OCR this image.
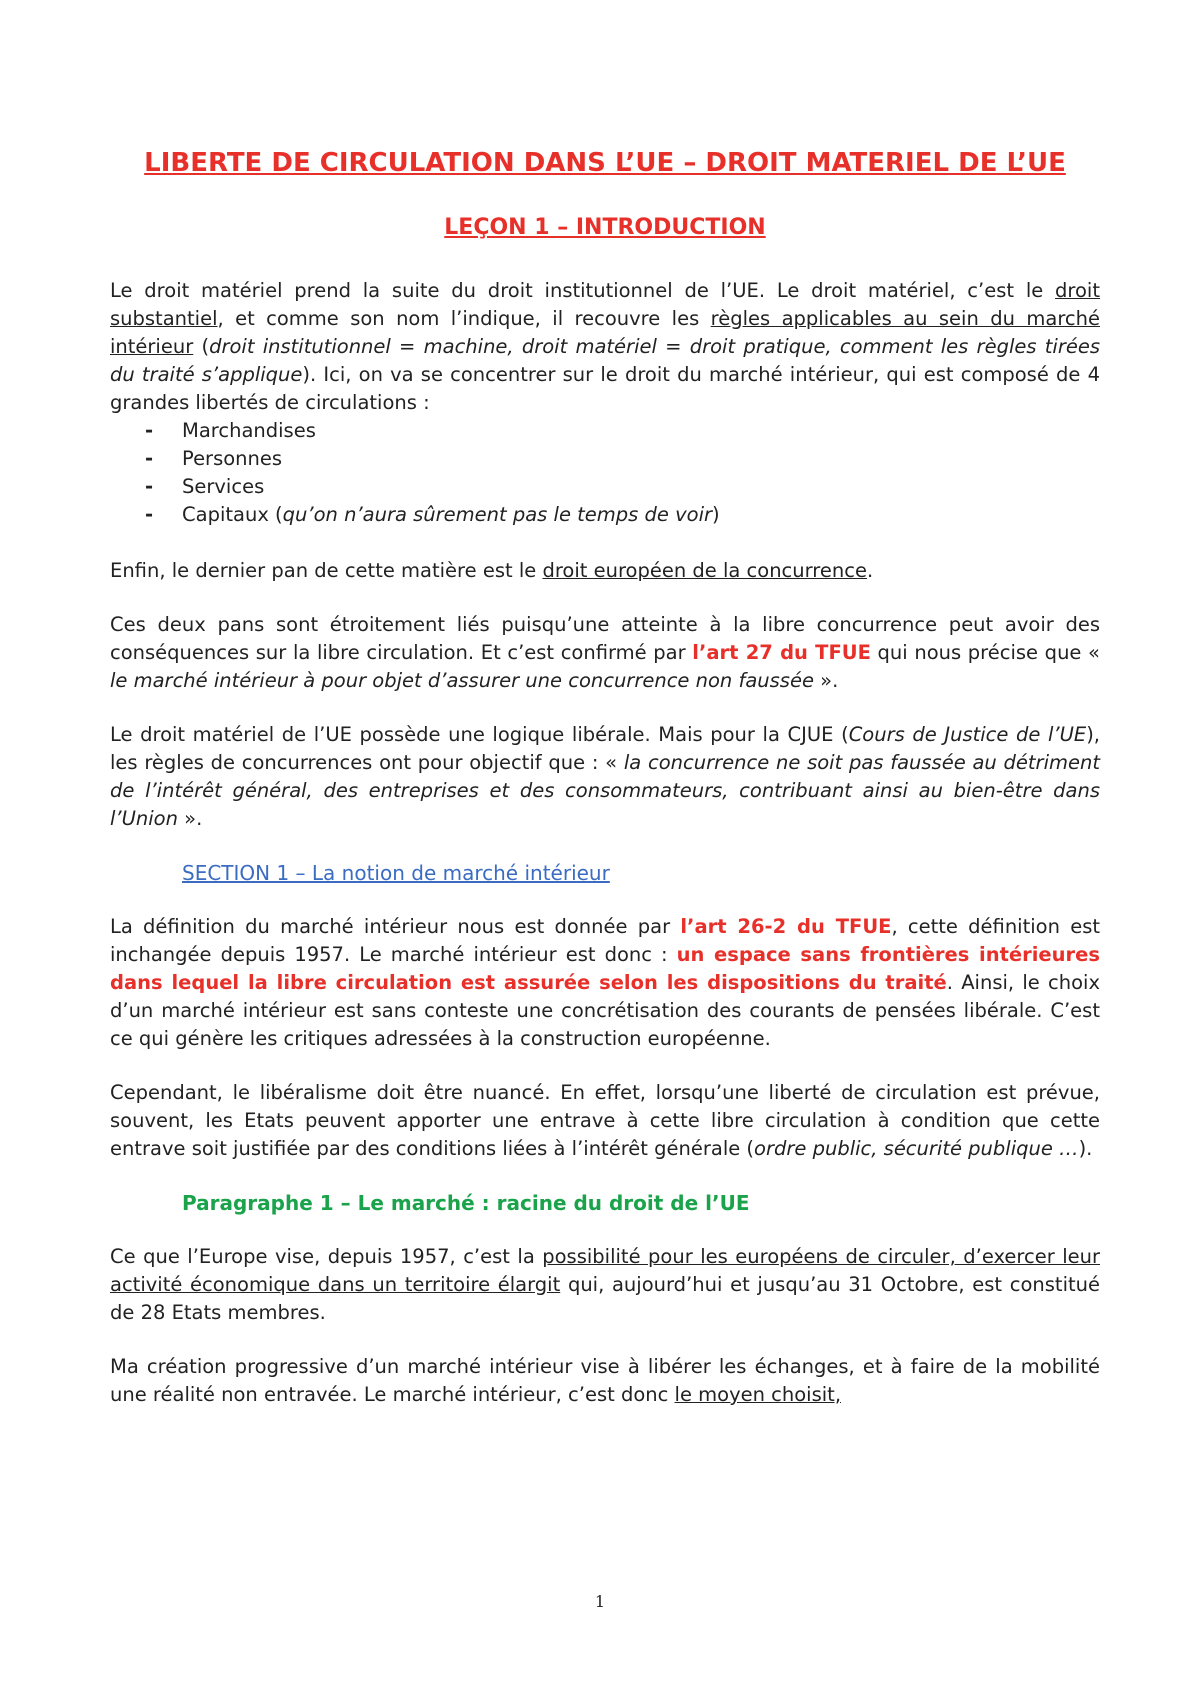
LIBERTE DE CIRCULATION DANS L’UE – DROIT MATERIEL DE L’UE
LEÇON 1 – INTRODUCTION

Le droit matériel prend la suite du droit institutionnel de l’UE. Le droit matériel, c’est le droit substantiel, et comme son nom l’indique, il recouvre les règles applicables au sein du marché intérieur (droit institutionnel = machine, droit matériel = droit pratique, comment les règles tirées du traité s’applique). Ici, on va se concentrer sur le droit du marché intérieur, qui est composé de 4 grandes libertés de circulations :

- Marchandises
- Personnes
- Services
- Capitaux (qu’on n’aura sûrement pas le temps de voir)

Enfin, le dernier pan de cette matière est le droit européen de la concurrence.

Ces deux pans sont étroitement liés puisqu’une atteinte à la libre concurrence peut avoir des conséquences sur la libre circulation. Et c’est confirmé par l’art 27 du TFUE qui nous précise que « le marché intérieur à pour objet d’assurer une concurrence non faussée ».

Le droit matériel de l’UE possède une logique libérale. Mais pour la CJUE (Cours de Justice de l’UE), les règles de concurrences ont pour objectif que : « la concurrence ne soit pas faussée au détriment de l’intérêt général, des entreprises et des consommateurs, contribuant ainsi au bien-être dans l’Union ».

SECTION 1 – La notion de marché intérieur

La définition du marché intérieur nous est donnée par l’art 26-2 du TFUE, cette définition est inchangée depuis 1957. Le marché intérieur est donc : un espace sans frontières intérieures dans lequel la libre circulation est assurée selon les dispositions du traité. Ainsi, le choix d’un marché intérieur est sans conteste une concrétisation des courants de pensées libérale. C’est ce qui génère les critiques adressées à la construction européenne.

Cependant, le libéralisme doit être nuancé. En effet, lorsqu’une liberté de circulation est prévue, souvent, les Etats peuvent apporter une entrave à cette libre circulation à condition que cette entrave soit justifiée par des conditions liées à l’intérêt générale (ordre public, sécurité publique …).

Paragraphe 1 – Le marché : racine du droit de l’UE

Ce que l’Europe vise, depuis 1957, c’est la possibilité pour les européens de circuler, d’exercer leur activité économique dans un territoire élargit qui, aujourd’hui et jusqu’au 31 Octobre, est constitué de 28 Etats membres.

Ma création progressive d’un marché intérieur vise à libérer les échanges, et à faire de la mobilité une réalité non entravée. Le marché intérieur, c’est donc le moyen choisit,

1
